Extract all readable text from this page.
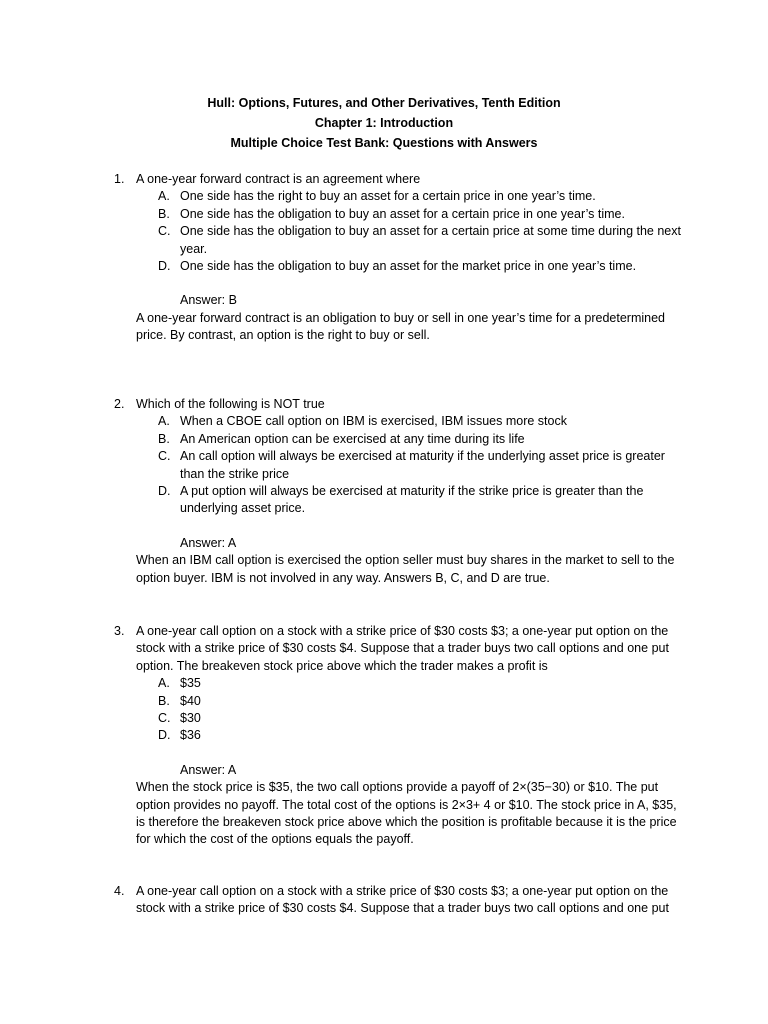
Hull: Options, Futures, and Other Derivatives, Tenth Edition
Chapter 1: Introduction
Multiple Choice Test Bank: Questions with Answers
1. A one-year forward contract is an agreement where
A. One side has the right to buy an asset for a certain price in one year’s time.
B. One side has the obligation to buy an asset for a certain price in one year’s time.
C. One side has the obligation to buy an asset for a certain price at some time during the next year.
D. One side has the obligation to buy an asset for the market price in one year’s time.
Answer: B
A one-year forward contract is an obligation to buy or sell in one year’s time for a predetermined price. By contrast, an option is the right to buy or sell.
2. Which of the following is NOT true
A. When a CBOE call option on IBM is exercised, IBM issues more stock
B. An American option can be exercised at any time during its life
C. An call option will always be exercised at maturity if the underlying asset price is greater than the strike price
D. A put option will always be exercised at maturity if the strike price is greater than the underlying asset price.
Answer: A
When an IBM call option is exercised the option seller must buy shares in the market to sell to the option buyer. IBM is not involved in any way. Answers B, C, and D are true.
3. A one-year call option on a stock with a strike price of $30 costs $3; a one-year put option on the stock with a strike price of $30 costs $4. Suppose that a trader buys two call options and one put option. The breakeven stock price above which the trader makes a profit is
A. $35
B. $40
C. $30
D. $36
Answer: A
When the stock price is $35, the two call options provide a payoff of 2×(35−30) or $10. The put option provides no payoff. The total cost of the options is 2×3+ 4 or $10. The stock price in A, $35, is therefore the breakeven stock price above which the position is profitable because it is the price for which the cost of the options equals the payoff.
4. A one-year call option on a stock with a strike price of $30 costs $3; a one-year put option on the stock with a strike price of $30 costs $4. Suppose that a trader buys two call options and one put
